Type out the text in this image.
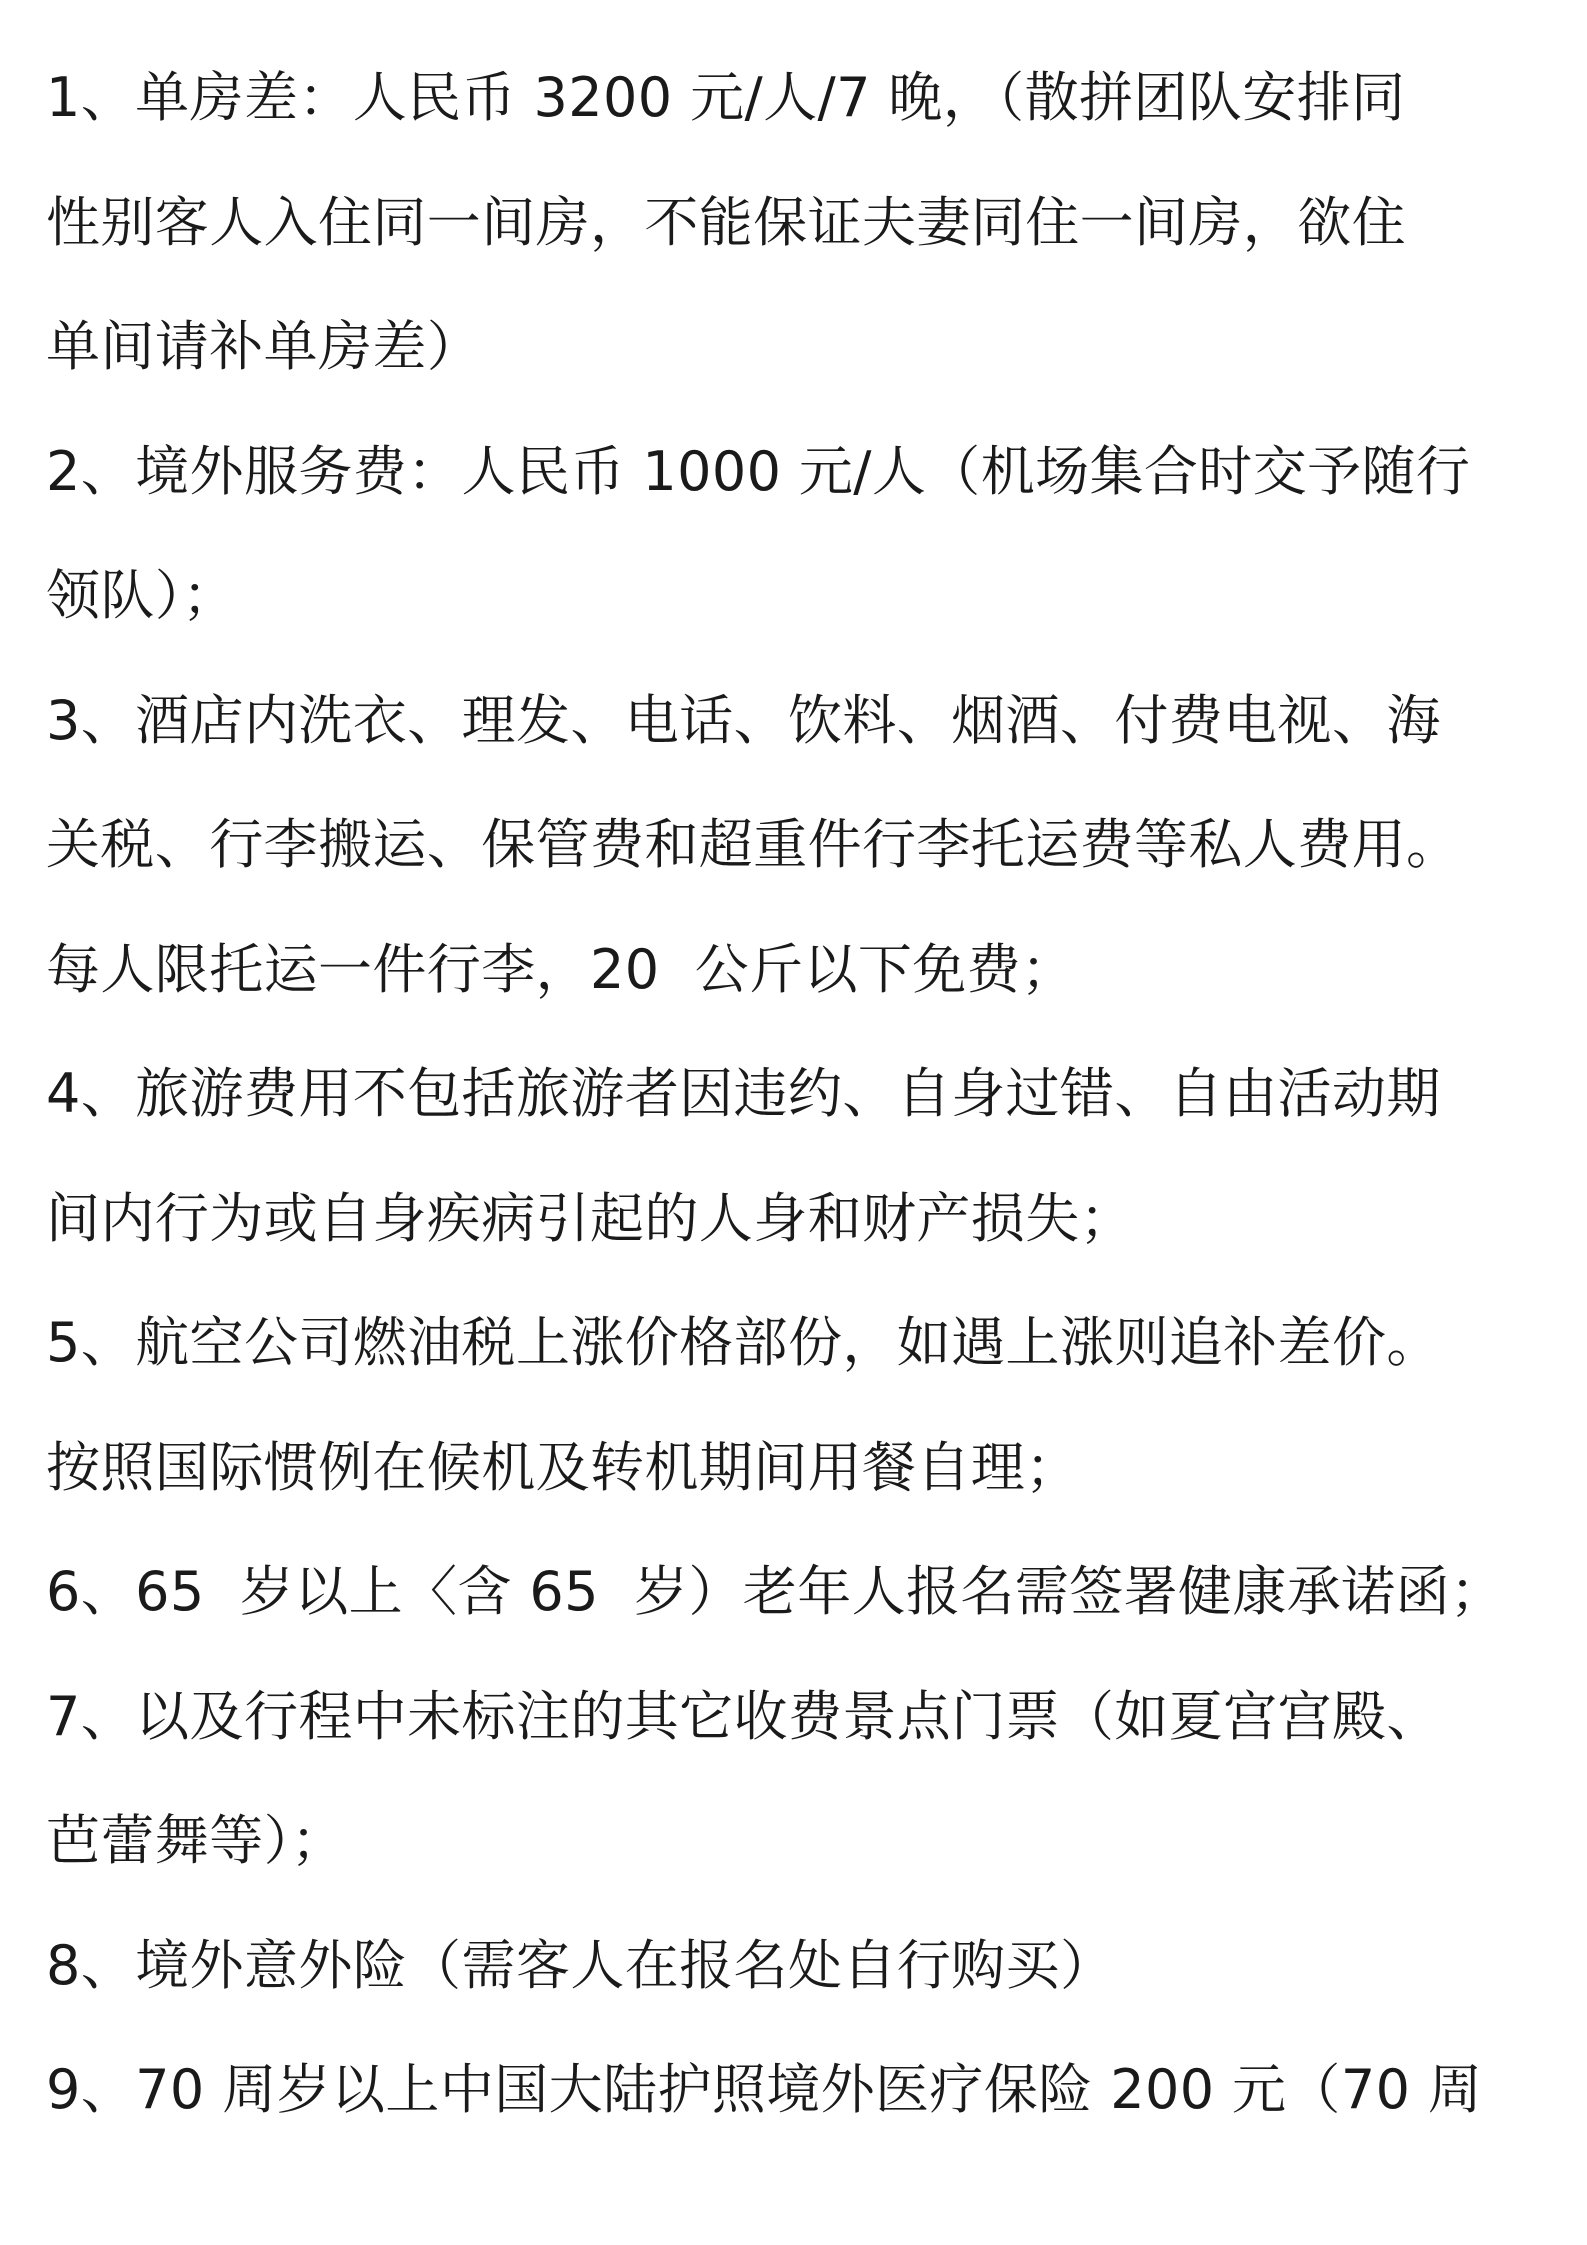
1、单房差：人民币 3200 元/人/7 晚，（散拼团队安排同
性别客人入住同一间房，不能保证夫妻同住一间房，欲住
单间请补单房差）
2、境外服务费：人民币 1000 元/人（机场集合时交予随行
领队）；
3、酒店内洗衣、理发、电话、饮料、烟酒、付费电视、海
关税、行李搬运、保管费和超重件行李托运费等私人费用。
每人限托运一件行李，20  公斤以下免费；
4、旅游费用不包括旅游者因违约、自身过错、自由活动期
间内行为或自身疾病引起的人身和财产损失；
5、航空公司燃油税上涨价格部份，如遇上涨则追补差价。
按照国际惯例在候机及转机期间用餐自理；
6、65  岁以上〈含 65  岁）老年人报名需签署健康承诺函；
7、以及行程中未标注的其它收费景点门票（如夏宫宫殿、
芭蕾舞等）；
8、境外意外险（需客人在报名处自行购买）
9、70 周岁以上中国大陆护照境外医疗保险 200 元（70 周
